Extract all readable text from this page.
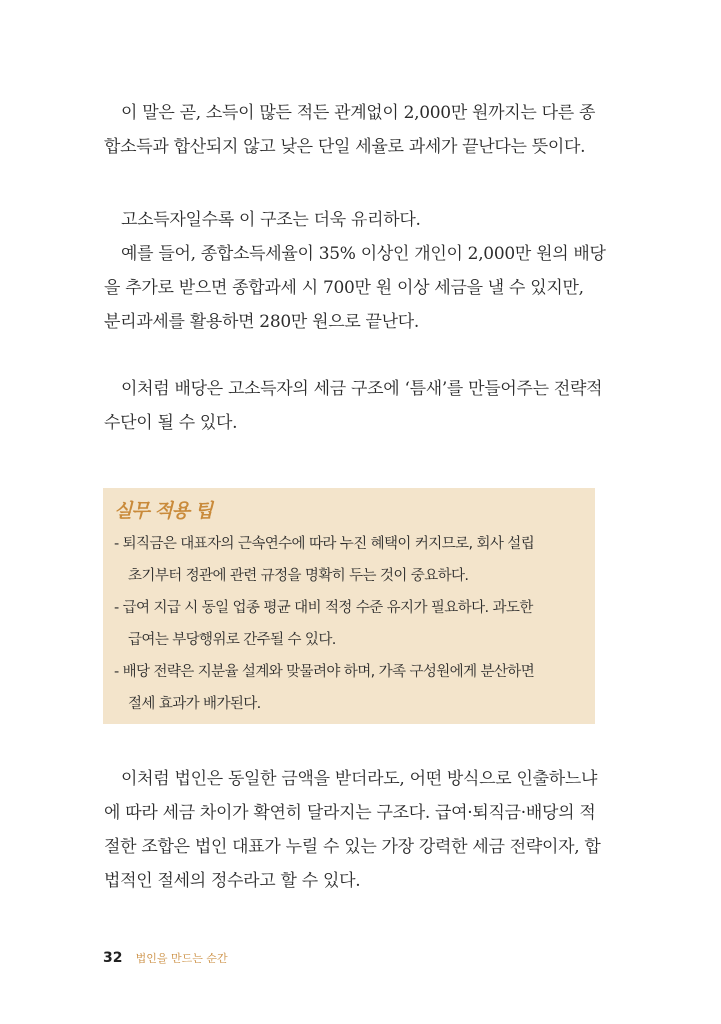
이 말은 곧, 소득이 많든 적든 관계없이 2,000만 원까지는 다른 종
합소득과 합산되지 않고 낮은 단일 세율로 과세가 끝난다는 뜻이다.
고소득자일수록 이 구조는 더욱 유리하다.
예를 들어, 종합소득세율이 35% 이상인 개인이 2,000만 원의 배당
을 추가로 받으면 종합과세 시 700만 원 이상 세금을 낼 수 있지만,
분리과세를 활용하면 280만 원으로 끝난다.
이처럼 배당은 고소득자의 세금 구조에 ‘틈새’를 만들어주는 전략적
수단이 될 수 있다.
실무 적용 팁
- 퇴직금은 대표자의 근속연수에 따라 누진 혜택이 커지므로, 회사 설립
초기부터 정관에 관련 규정을 명확히 두는 것이 중요하다.
- 급여 지급 시 동일 업종 평균 대비 적정 수준 유지가 필요하다. 과도한
급여는 부당행위로 간주될 수 있다.
- 배당 전략은 지분율 설계와 맞물려야 하며, 가족 구성원에게 분산하면
절세 효과가 배가된다.
이처럼 법인은 동일한 금액을 받더라도, 어떤 방식으로 인출하느냐
에 따라 세금 차이가 확연히 달라지는 구조다. 급여·퇴직금·배당의 적
절한 조합은 법인 대표가 누릴 수 있는 가장 강력한 세금 전략이자, 합
법적인 절세의 정수라고 할 수 있다.
32 법인을 만드는 순간
